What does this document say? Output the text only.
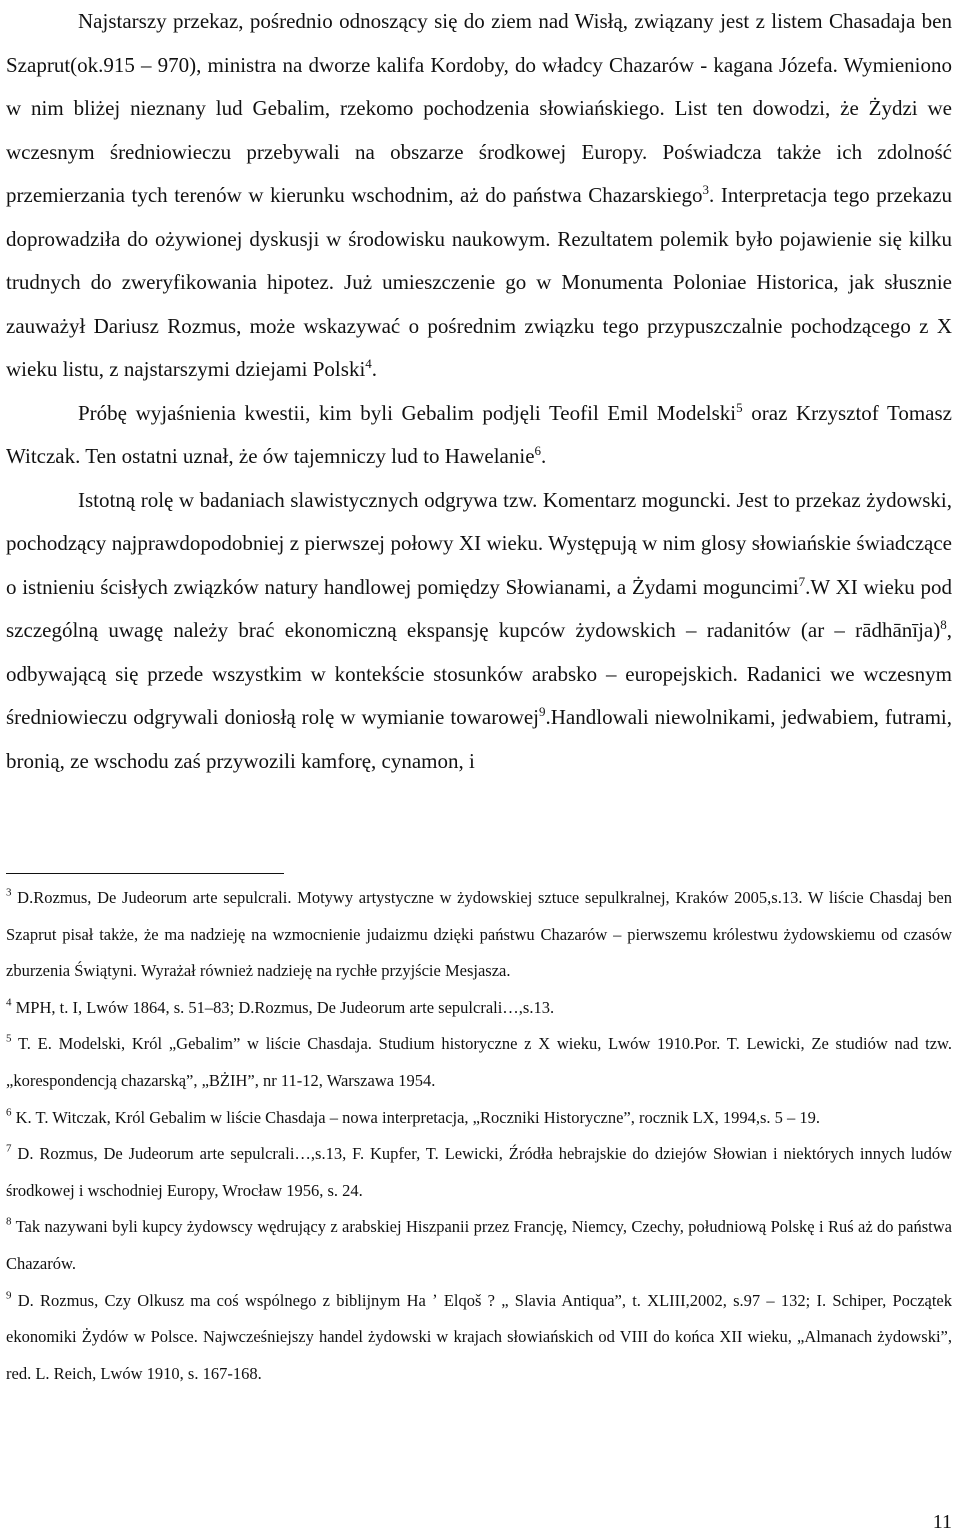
Najstarszy przekaz, pośrednio odnoszący się do ziem nad Wisłą, związany jest z listem Chasadaja ben Szaprut(ok.915 – 970), ministra na dworze kalifa Kordoby, do władcy Chazarów - kagana Józefa. Wymieniono w nim bliżej nieznany lud Gebalim, rzekomo pochodzenia słowiańskiego. List ten dowodzi, że Żydzi we wczesnym średniowieczu przebywali na obszarze środkowej Europy. Poświadcza także ich zdolność przemierzania tych terenów w kierunku wschodnim, aż do państwa Chazarskiego$^3$. Interpretacja tego przekazu doprowadziła do ożywionej dyskusji w środowisku naukowym. Rezultatem polemik było pojawienie się kilku trudnych do zweryfikowania hipotez. Już umieszczenie go w Monumenta Poloniae Historica, jak słusznie zauważył Dariusz Rozmus, może wskazywać o pośrednim związku tego przypuszczalnie pochodzącego z X wieku listu, z najstarszymi dziejami Polski$^4$.

Próbę wyjaśnienia kwestii, kim byli Gebalim podjęli Teofil Emil Modelski$^5$ oraz Krzysztof Tomasz Witczak. Ten ostatni uznał, że ów tajemniczy lud to Hawelanie$^6$.

Istotną rolę w badaniach slawistycznych odgrywa tzw. Komentarz moguncki. Jest to przekaz żydowski, pochodzący najprawdopodobniej z pierwszej połowy XI wieku. Występują w nim glosy słowiańskie świadczące o istnieniu ścisłych związków natury handlowej pomiędzy Słowianami, a Żydami moguncimi$^7$.W XI wieku pod szczególną uwagę należy brać ekonomiczną ekspansję kupców żydowskich – radanitów (ar – rādhānīja)$^8$, odbywającą się przede wszystkim w kontekście stosunków arabsko – europejskich. Radanici we wczesnym średniowieczu odgrywali doniosłą rolę w wymianie towarowej$^9$.Handlowali niewolnikami, jedwabiem, futrami, bronią, ze wschodu zaś przywozili kamforę, cynamon, i

$^3$ D.Rozmus, De Judeorum arte sepulcrali. Motywy artystyczne w żydowskiej sztuce sepulkralnej, Kraków 2005,s.13. W liście Chasdaj ben Szaprut pisał także, że ma nadzieję na wzmocnienie judaizmu dzięki państwu Chazarów – pierwszemu królestwu żydowskiemu od czasów zburzenia Świątyni. Wyrażał również nadzieję na rychłe przyjście Mesjasza.

$^4$ MPH, t. I, Lwów 1864, s. 51–83; D.Rozmus, De Judeorum arte sepulcrali…,s.13.

$^5$ T. E. Modelski, Król „Gebalim” w liście Chasdaja. Studium historyczne z X wieku, Lwów 1910.Por. T. Lewicki, Ze studiów nad tzw. „korespondencją chazarską”, „BŻIH”, nr 11-12, Warszawa 1954.

$^6$ K. T. Witczak, Król Gebalim w liście Chasdaja – nowa interpretacja, „Roczniki Historyczne”, rocznik LX, 1994,s. 5 – 19.

$^7$ D. Rozmus, De Judeorum arte sepulcrali…,s.13, F. Kupfer, T. Lewicki, Źródła hebrajskie do dziejów Słowian i niektórych innych ludów środkowej i wschodniej Europy, Wrocław 1956, s. 24.

$^8$ Tak nazywani byli kupcy żydowscy wędrujący z arabskiej Hiszpanii przez Francję, Niemcy, Czechy, południową Polskę i Ruś aż do państwa Chazarów.

$^9$ D. Rozmus, Czy Olkusz ma coś wspólnego z biblijnym Ha ʼ Elqoš ? „ Slavia Antiqua”, t. XLIII,2002, s.97 – 132; I. Schiper, Początek ekonomiki Żydów w Polsce. Najwcześniejszy handel żydowski w krajach słowiańskich od VIII do końca XII wieku, „Almanach żydowski”, red. L. Reich, Lwów 1910, s. 167-168.

11
